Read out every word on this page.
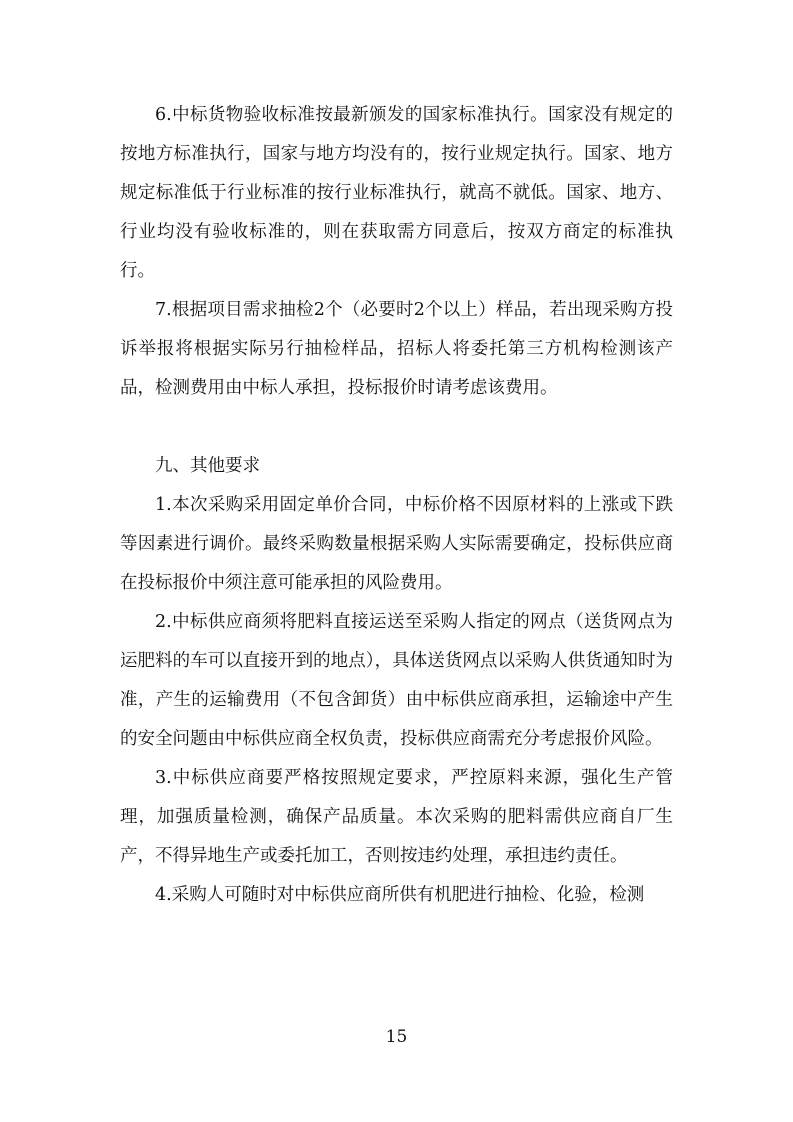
6.中标货物验收标准按最新颁发的国家标准执行。国家没有规定的按地方标准执行，国家与地方均没有的，按行业规定执行。国家、地方规定标准低于行业标准的按行业标准执行，就高不就低。国家、地方、行业均没有验收标准的，则在获取需方同意后，按双方商定的标准执行。

7.根据项目需求抽检2个（必要时2个以上）样品，若出现采购方投诉举报将根据实际另行抽检样品，招标人将委托第三方机构检测该产品，检测费用由中标人承担，投标报价时请考虑该费用。

九、其他要求

1.本次采购采用固定单价合同，中标价格不因原材料的上涨或下跌等因素进行调价。最终采购数量根据采购人实际需要确定，投标供应商在投标报价中须注意可能承担的风险费用。

2.中标供应商须将肥料直接运送至采购人指定的网点（送货网点为运肥料的车可以直接开到的地点），具体送货网点以采购人供货通知时为准，产生的运输费用（不包含卸货）由中标供应商承担，运输途中产生的安全问题由中标供应商全权负责，投标供应商需充分考虑报价风险。

3.中标供应商要严格按照规定要求，严控原料来源，强化生产管理，加强质量检测，确保产品质量。本次采购的肥料需供应商自厂生产，不得异地生产或委托加工，否则按违约处理，承担违约责任。

4.采购人可随时对中标供应商所供有机肥进行抽检、化验，检测

15
